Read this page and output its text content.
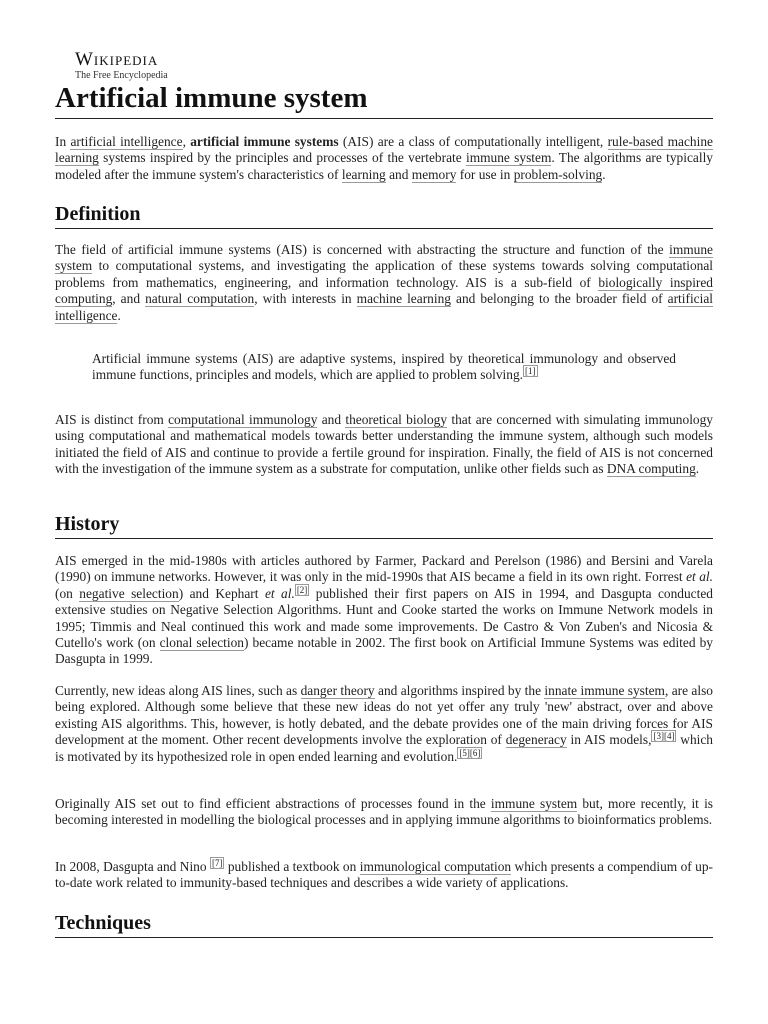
Wikipedia
The Free Encyclopedia
Artificial immune system

In artificial intelligence, artificial immune systems (AIS) are a class of computationally intelligent, rule-based machine learning systems inspired by the principles and processes of the vertebrate immune system. The algorithms are typically modeled after the immune system's characteristics of learning and memory for use in problem-solving.

Definition

The field of artificial immune systems (AIS) is concerned with abstracting the structure and function of the immune system to computational systems, and investigating the application of these systems towards solving computational problems from mathematics, engineering, and information technology. AIS is a sub-field of biologically inspired computing, and natural computation, with interests in machine learning and belonging to the broader field of artificial intelligence.

Artificial immune systems (AIS) are adaptive systems, inspired by theoretical immunology and observed immune functions, principles and models, which are applied to problem solving. [1]

AIS is distinct from computational immunology and theoretical biology that are concerned with simulating immunology using computational and mathematical models towards better understanding the immune system, although such models initiated the field of AIS and continue to provide a fertile ground for inspiration. Finally, the field of AIS is not concerned with the investigation of the immune system as a substrate for computation, unlike other fields such as DNA computing.

History

AIS emerged in the mid-1980s with articles authored by Farmer, Packard and Perelson (1986) and Bersini and Varela (1990) on immune networks. However, it was only in the mid-1990s that AIS became a field in its own right. Forrest et al. (on negative selection) and Kephart et al. [2] published their first papers on AIS in 1994, and Dasgupta conducted extensive studies on Negative Selection Algorithms. Hunt and Cooke started the works on Immune Network models in 1995; Timmis and Neal continued this work and made some improvements. De Castro & Von Zuben's and Nicosia & Cutello's work (on clonal selection) became notable in 2002. The first book on Artificial Immune Systems was edited by Dasgupta in 1999.

Currently, new ideas along AIS lines, such as danger theory and algorithms inspired by the innate immune system, are also being explored. Although some believe that these new ideas do not yet offer any truly 'new' abstract, over and above existing AIS algorithms. This, however, is hotly debated, and the debate provides one of the main driving forces for AIS development at the moment. Other recent developments involve the exploration of degeneracy in AIS models, [3][4] which is motivated by its hypothesized role in open ended learning and evolution. [5][6]

Originally AIS set out to find efficient abstractions of processes found in the immune system but, more recently, it is becoming interested in modelling the biological processes and in applying immune algorithms to bioinformatics problems.

In 2008, Dasgupta and Nino [7] published a textbook on immunological computation which presents a compendium of up-to-date work related to immunity-based techniques and describes a wide variety of applications.

Techniques
